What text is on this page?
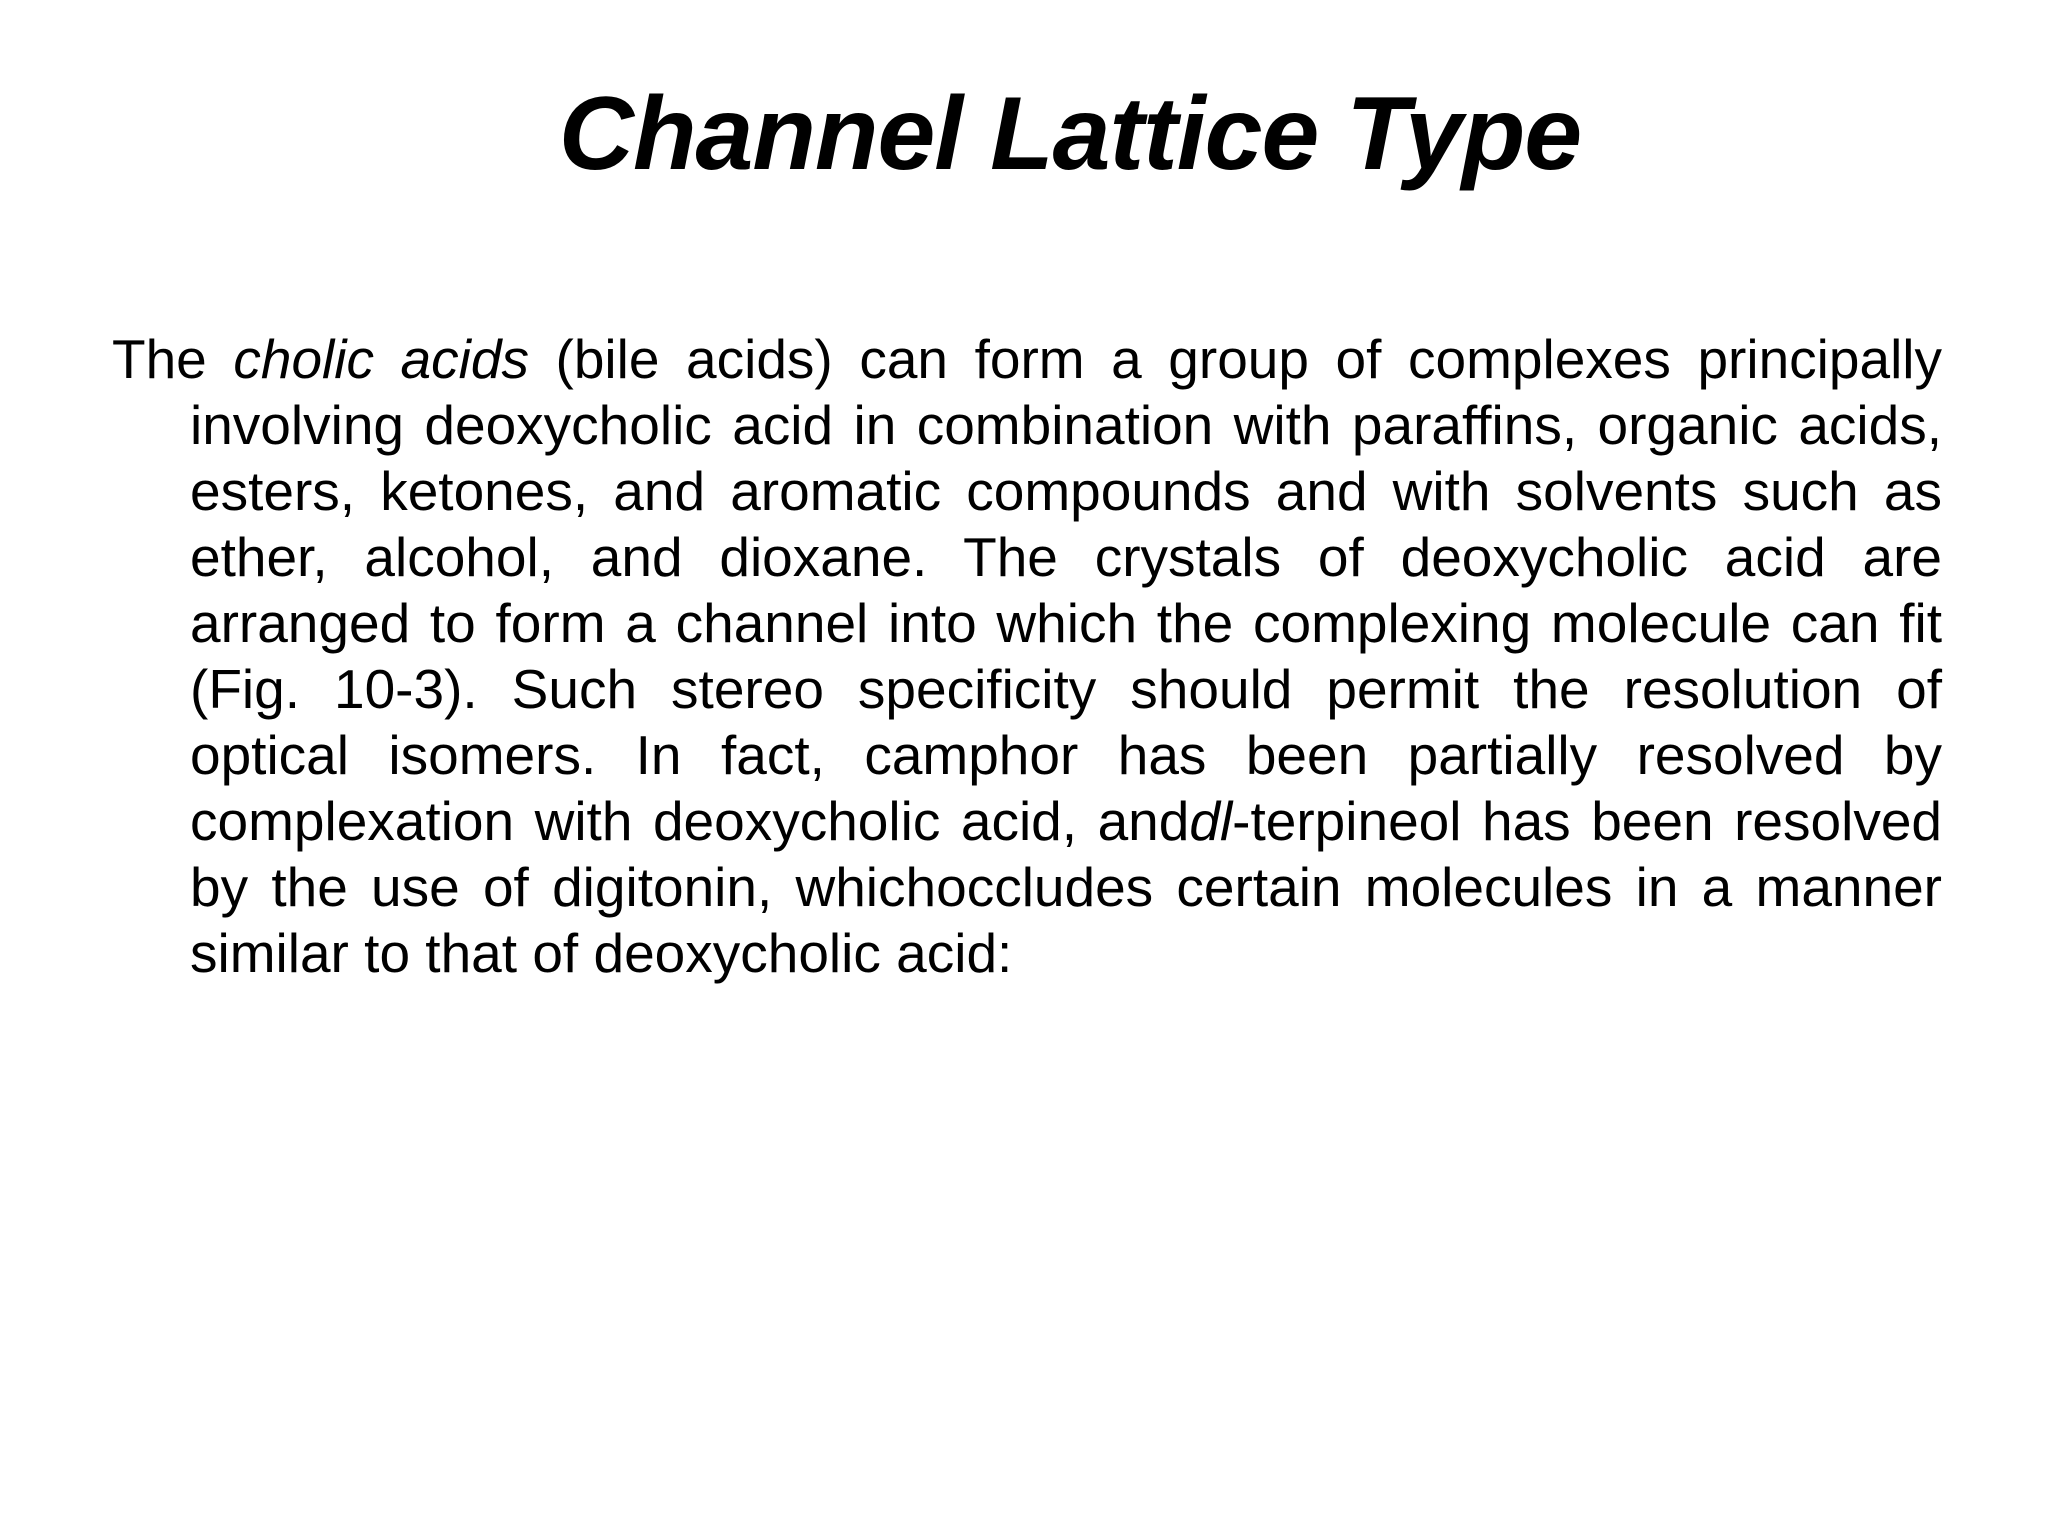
Channel Lattice Type

The cholic acids (bile acids) can form a group of complexes principally involving deoxycholic acid in combination with paraffins, organic acids, esters, ketones, and aromatic compounds and with solvents such as ether, alcohol, and dioxane. The crystals of deoxycholic acid are arranged to form a channel into which the complexing molecule can fit (Fig. 10-3). Such stereo specificity should permit the resolution of optical isomers. In fact, camphor has been partially resolved by complexation with deoxycholic acid, anddl-terpineol has been resolved by the use of digitonin, whichoccludes certain molecules in a manner similar to that of deoxycholic acid:
